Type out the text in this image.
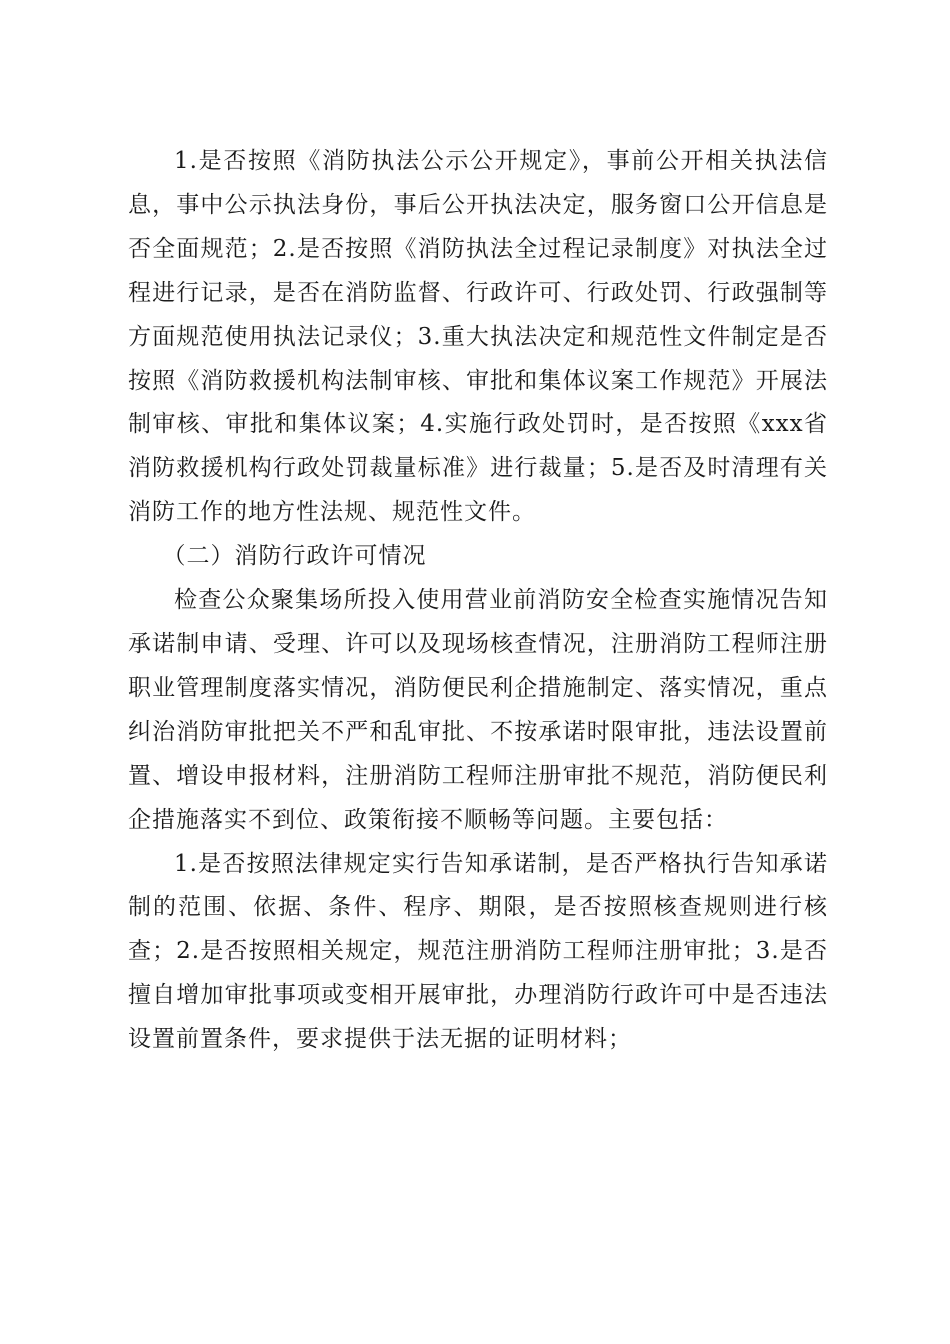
1.是否按照《消防执法公示公开规定》，事前公开相关执法信息，事中公示执法身份，事后公开执法决定，服务窗口公开信息是否全面规范；2.是否按照《消防执法全过程记录制度》对执法全过程进行记录，是否在消防监督、行政许可、行政处罚、行政强制等方面规范使用执法记录仪；3.重大执法决定和规范性文件制定是否按照《消防救援机构法制审核、审批和集体议案工作规范》开展法制审核、审批和集体议案；4.实施行政处罚时，是否按照《xxx省消防救援机构行政处罚裁量标准》进行裁量；5.是否及时清理有关消防工作的地方性法规、规范性文件。

（二）消防行政许可情况

检查公众聚集场所投入使用营业前消防安全检查实施情况告知承诺制申请、受理、许可以及现场核查情况，注册消防工程师注册职业管理制度落实情况，消防便民利企措施制定、落实情况，重点纠治消防审批把关不严和乱审批、不按承诺时限审批，违法设置前置、增设申报材料，注册消防工程师注册审批不规范，消防便民利企措施落实不到位、政策衔接不顺畅等问题。主要包括：

1.是否按照法律规定实行告知承诺制，是否严格执行告知承诺制的范围、依据、条件、程序、期限，是否按照核查规则进行核查；2.是否按照相关规定，规范注册消防工程师注册审批；3.是否擅自增加审批事项或变相开展审批，办理消防行政许可中是否违法设置前置条件，要求提供于法无据的证明材料；
